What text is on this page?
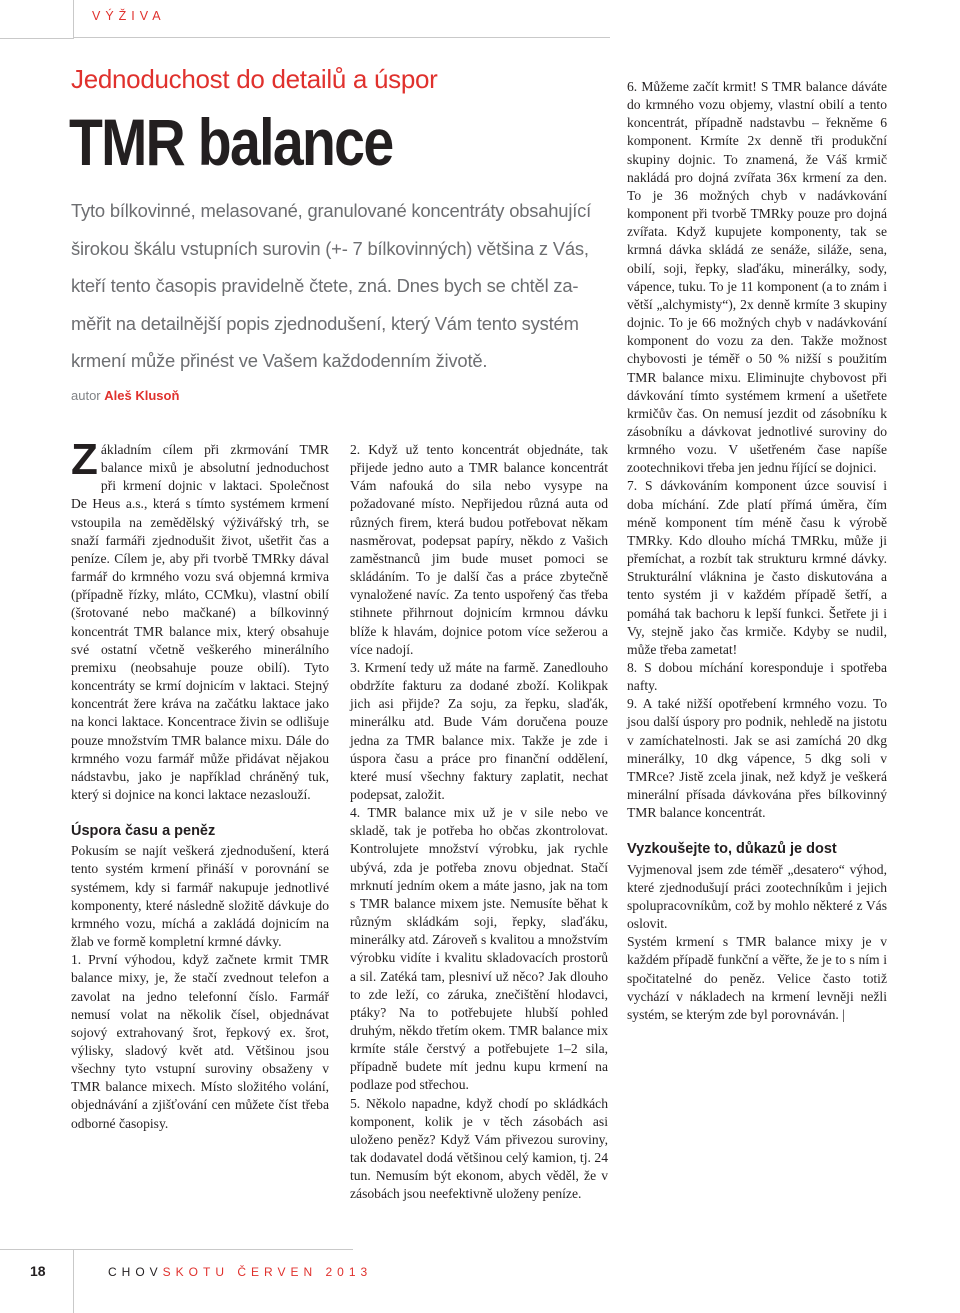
VÝŽIVA
Jednoduchost do detailů a úspor
TMR balance
Tyto bílkovinné, melasované, granulované koncentráty obsahující
širokou škálu vstupních surovin (+- 7 bílkovinných) většina z Vás,
kteří tento časopis pravidelně čtete, zná. Dnes bych se chtěl za-
měřit na detailnější popis zjednodušení, který Vám tento systém
krmení může přinést ve Vašem každodenním životě.
autor Aleš Klusoň

Základním cílem při zkrmování TMR balance mixů je absolutní jednoduchost při krmení dojnic v laktaci. Společnost De Heus a.s., která s tímto systémem krmení vstoupila na zemědělský výživářský trh, se snaží farmáři zjednodušit život, ušetřit čas a peníze. Cílem je, aby při tvorbě TMRky dával farmář do krmného vozu svá objemná krmiva (případně řízky, mláto, CCMku), vlastní obilí (šrotované nebo mačkané) a bílkovinný koncentrát TMR balance mix, který obsahuje své ostatní včetně veškerého minerálního premixu (neobsahuje pouze obilí). Tyto koncentráty se krmí dojnicím v laktaci. Stejný koncentrát žere kráva na začátku laktace jako na konci laktace. Koncentrace živin se odlišuje pouze množstvím TMR balance mixu. Dále do krmného vozu farmář může přidávat nějakou nádstavbu, jako je například chráněný tuk, který si dojnice na konci laktace nezaslouží.

Úspora času a peněz

Pokusím se najít veškerá zjednodušení, která tento systém krmení přináší v porovnání se systémem, kdy si farmář nakupuje jednotlivé komponenty, které následně složitě dávkuje do krmného vozu, míchá a zakládá dojnicím na žlab ve formě kompletní krmné dávky.

1. První výhodou, když začnete krmit TMR balance mixy, je, že stačí zvednout telefon a zavolat na jedno telefonní číslo. Farmář nemusí volat na několik čísel, objednávat sojový extrahovaný šrot, řepkový ex. šrot, výlisky, sladový květ atd. Většinou jsou všechny tyto vstupní suroviny obsaženy v TMR balance mixech. Místo složitého volání, objednávání a zjišťování cen můžete číst třeba odborné časopisy.

2. Když už tento koncentrát objednáte, tak přijede jedno auto a TMR balance koncentrát Vám nafouká do sila nebo vysype na požadované místo. Nepřijedou různá auta od různých firem, která budou potřebovat někam nasměrovat, podepsat papíry, někdo z Vašich zaměstnanců jim bude muset pomoci se skládáním. To je další čas a práce zbytečně vynaložené navíc. Za tento uspořený čas třeba stihnete přihrnout dojnicím krmnou dávku blíže k hlavám, dojnice potom více sežerou a více nadojí.

3. Krmení tedy už máte na farmě. Zanedlouho obdržíte fakturu za dodané zboží. Kolikpak jich asi přijde? Za soju, za řepku, slaďák, minerálku atd. Bude Vám doručena pouze jedna za TMR balance mix. Takže je zde i úspora času a práce pro finanční oddělení, které musí všechny faktury zaplatit, nechat podepsat, založit.

4. TMR balance mix už je v sile nebo ve skladě, tak je potřeba ho občas zkontrolovat. Kontrolujete množství výrobku, jak rychle ubývá, zda je potřeba znovu objednat. Stačí mrknutí jedním okem a máte jasno, jak na tom s TMR balance mixem jste. Nemusíte běhat k různým skládkám soji, řepky, slaďáku, minerálky atd. Zároveň s kvalitou a množstvím výrobku vidíte i kvalitu skladovacích prostorů a sil. Zatéká tam, plesniví už něco? Jak dlouho to zde leží, co záruka, znečištění hlodavci, ptáky? Na to potřebujete hlubší pohled druhým, někdo třetím okem. TMR balance mix krmíte stále čerstvý a potřebujete 1–2 sila, případně budete mít jednu kupu krmení na podlaze pod střechou.

5. Několo napadne, když chodí po skládkách komponent, kolik je v těch zásobách asi uloženo peněz? Když Vám přivezou suroviny, tak dodavatel dodá většinou celý kamion, tj. 24 tun. Nemusím být ekonom, abych věděl, že v zásobách jsou neefektivně uloženy peníze.

6. Můžeme začít krmit! S TMR balance dáváte do krmného vozu objemy, vlastní obilí a tento koncentrát, případně nadstavbu – řekněme 6 komponent. Krmíte 2x denně tři produkční skupiny dojnic. To znamená, že Váš krmič nakládá pro dojná zvířata 36x krmení za den. To je 36 možných chyb v nadávkování komponent při tvorbě TMRky pouze pro dojná zvířata. Když kupujete komponenty, tak se krmná dávka skládá ze senáže, siláže, sena, obilí, soji, řepky, slaďáku, minerálky, sody, vápence, tuku. To je 11 komponent (a to znám i větší „alchymisty“), 2x denně krmíte 3 skupiny dojnic. To je 66 možných chyb v nadávkování komponent do vozu za den. Takže možnost chybovosti je téměř o 50 % nižší s použitím TMR balance mixu. Eliminujte chybovost při dávkování tímto systémem krmení a ušetřete krmičův čas. On nemusí jezdit od zásobníku k zásobníku a dávkovat jednotlivé suroviny do krmného vozu. V ušetřeném čase napíše zootechnikovi třeba jen jednu říjící se dojnici.

7. S dávkováním komponent úzce souvisí i doba míchání. Zde platí přímá úměra, čím méně komponent tím méně času k výrobě TMRky. Kdo dlouho míchá TMRku, může ji přemíchat, a rozbít tak strukturu krmné dávky. Strukturální vláknina je často diskutována a tento systém ji v každém případě šetří, a pomáhá tak bachoru k lepší funkci. Šetřete ji i Vy, stejně jako čas krmiče. Kdyby se nudil, může třeba zametat!

8. S dobou míchání koresponduje i spotřeba nafty.

9. A také nižší opotřebení krmného vozu. To jsou další úspory pro podnik, nehledě na jistotu v zamíchatelnosti. Jak se asi zamíchá 20 dkg minerálky, 10 dkg vápence, 5 dkg soli v TMRce? Jistě zcela jinak, než když je veškerá minerální přísada dávkována přes bílkovinný TMR balance koncentrát.

Vyzkoušejte to, důkazů je dost

Vyjmenoval jsem zde téměř „desatero“ výhod, které zjednodušují práci zootechníkům i jejich spolupracovníkům, což by mohlo některé z Vás oslovit.

Systém krmení s TMR balance mixy je v každém případě funkční a věřte, že je to s ním i spočitatelné do peněz. Velice často totiž vychází v nákladech na krmení levněji nežli systém, se kterým zde byl porovnáván. |

18	CHOVSKOTU ČERVEN 2013
